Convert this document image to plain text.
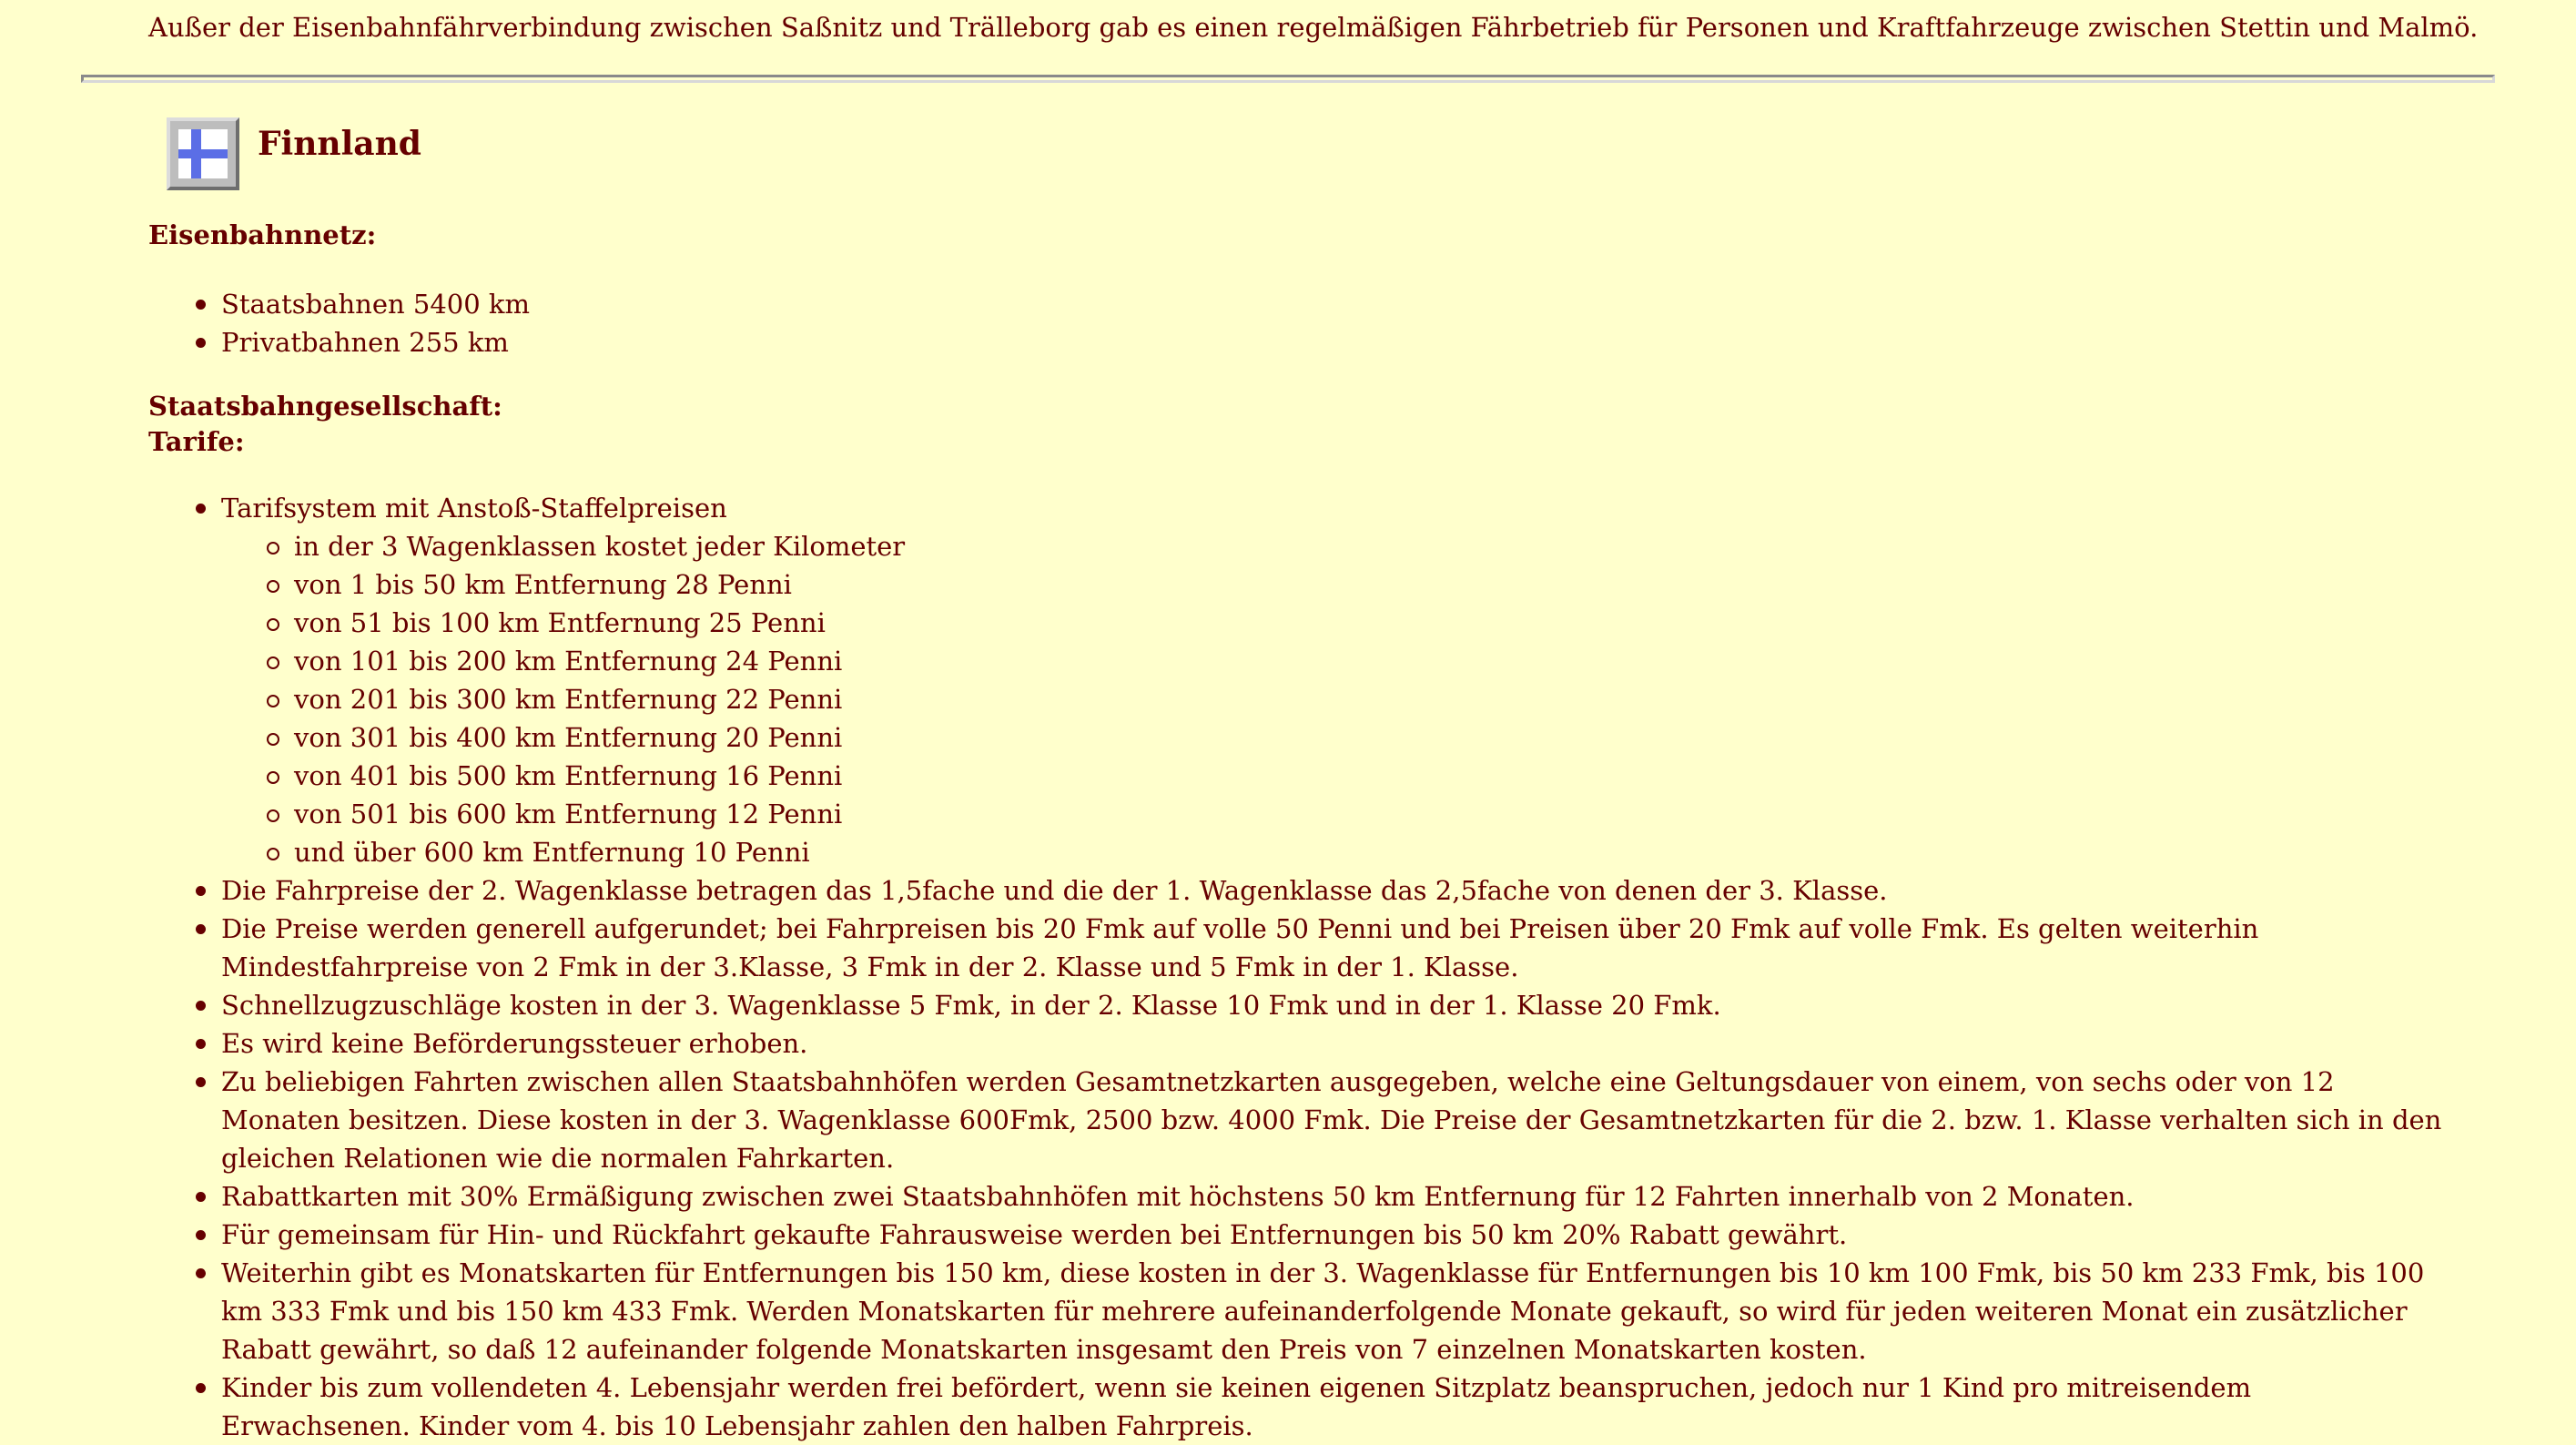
Außer der Eisenbahnfährverbindung zwischen Saßnitz und Trälleborg gab es einen regelmäßigen Fährbetrieb für Personen und Kraftfahrzeuge zwischen Stettin und Malmö.

Finnland

Eisenbahnnetz:

Staatsbahnen 5400 km
Privatbahnen 255 km

Staatsbahngesellschaft:

Tarife:

Tarifsystem mit Anstoß-Staffelpreisen
in der 3 Wagenklassen kostet jeder Kilometer
von 1 bis 50 km Entfernung 28 Penni
von 51 bis 100 km Entfernung 25 Penni
von 101 bis 200 km Entfernung 24 Penni
von 201 bis 300 km Entfernung 22 Penni
von 301 bis 400 km Entfernung 20 Penni
von 401 bis 500 km Entfernung 16 Penni
von 501 bis 600 km Entfernung 12 Penni
und über 600 km Entfernung 10 Penni
Die Fahrpreise der 2. Wagenklasse betragen das 1,5fache und die der 1. Wagenklasse das 2,5fache von denen der 3. Klasse.
Die Preise werden generell aufgerundet; bei Fahrpreisen bis 20 Fmk auf volle 50 Penni und bei Preisen über 20 Fmk auf volle Fmk. Es gelten weiterhin Mindestfahrpreise von 2 Fmk in der 3.Klasse, 3 Fmk in der 2. Klasse und 5 Fmk in der 1. Klasse.
Schnellzugzuschläge kosten in der 3. Wagenklasse 5 Fmk, in der 2. Klasse 10 Fmk und in der 1. Klasse 20 Fmk.
Es wird keine Beförderungssteuer erhoben.
Zu beliebigen Fahrten zwischen allen Staatsbahnhöfen werden Gesamtnetzkarten ausgegeben, welche eine Geltungsdauer von einem, von sechs oder von 12 Monaten besitzen. Diese kosten in der 3. Wagenklasse 600Fmk, 2500 bzw. 4000 Fmk. Die Preise der Gesamtnetzkarten für die 2. bzw. 1. Klasse verhalten sich in den gleichen Relationen wie die normalen Fahrkarten.
Rabattkarten mit 30% Ermäßigung zwischen zwei Staatsbahnhöfen mit höchstens 50 km Entfernung für 12 Fahrten innerhalb von 2 Monaten.
Für gemeinsam für Hin- und Rückfahrt gekaufte Fahrausweise werden bei Entfernungen bis 50 km 20% Rabatt gewährt.
Weiterhin gibt es Monatskarten für Entfernungen bis 150 km, diese kosten in der 3. Wagenklasse für Entfernungen bis 10 km 100 Fmk, bis 50 km 233 Fmk, bis 100 km 333 Fmk und bis 150 km 433 Fmk. Werden Monatskarten für mehrere aufeinanderfolgende Monate gekauft, so wird für jeden weiteren Monat ein zusätzlicher Rabatt gewährt, so daß 12 aufeinander folgende Monatskarten insgesamt den Preis von 7 einzelnen Monatskarten kosten.
Kinder bis zum vollendeten 4. Lebensjahr werden frei befördert, wenn sie keinen eigenen Sitzplatz beanspruchen, jedoch nur 1 Kind pro mitreisendem Erwachsenen. Kinder vom 4. bis 10 Lebensjahr zahlen den halben Fahrpreis.
